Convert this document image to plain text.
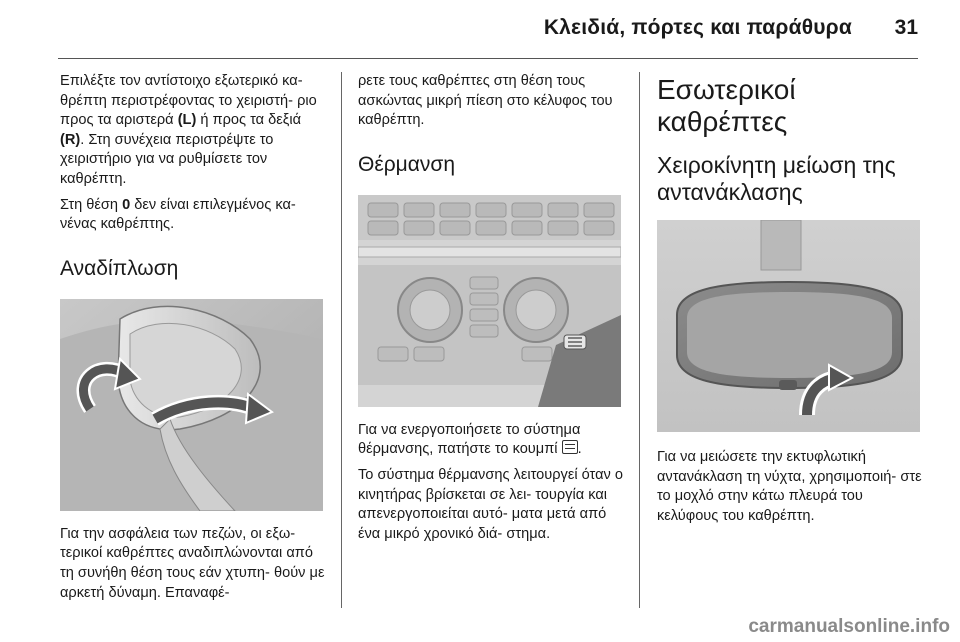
Κλειδιά, πόρτες και παράθυρα 31

Επιλέξτε τον αντίστοιχο εξωτερικό κα- θρέπτη περιστρέφοντας το χειριστή- ριο προς τα αριστερά (L) ή προς τα δεξιά (R). Στη συνέχεια περιστρέψτε το χειριστήριο για να ρυθμίσετε τον καθρέπτη.

Στη θέση 0 δεν είναι επιλεγμένος κα- νένας καθρέπτης.

Αναδίπλωση

Για την ασφάλεια των πεζών, οι εξω- τερικοί καθρέπτες αναδιπλώνονται από τη συνήθη θέση τους εάν χτυπη- θούν με αρκετή δύναμη. Επαναφέ-

ρετε τους καθρέπτες στη θέση τους ασκώντας μικρή πίεση στο κέλυφος του καθρέπτη.

Θέρμανση

Για να ενεργοποιήσετε το σύστημα θέρμανσης, πατήστε το κουμπί
.

Το σύστημα θέρμανσης λειτουργεί όταν ο κινητήρας βρίσκεται σε λει- τουργία και απενεργοποιείται αυτό- ματα μετά από ένα μικρό χρονικό διά- στημα.

Εσωτερικοί καθρέπτες
Χειροκίνητη μείωση της αντανάκλασης

Για να μειώσετε την εκτυφλωτική αντανάκλαση τη νύχτα, χρησιμοποιή- στε το μοχλό στην κάτω πλευρά του κελύφους του καθρέπτη.

carmanualsonline.info
